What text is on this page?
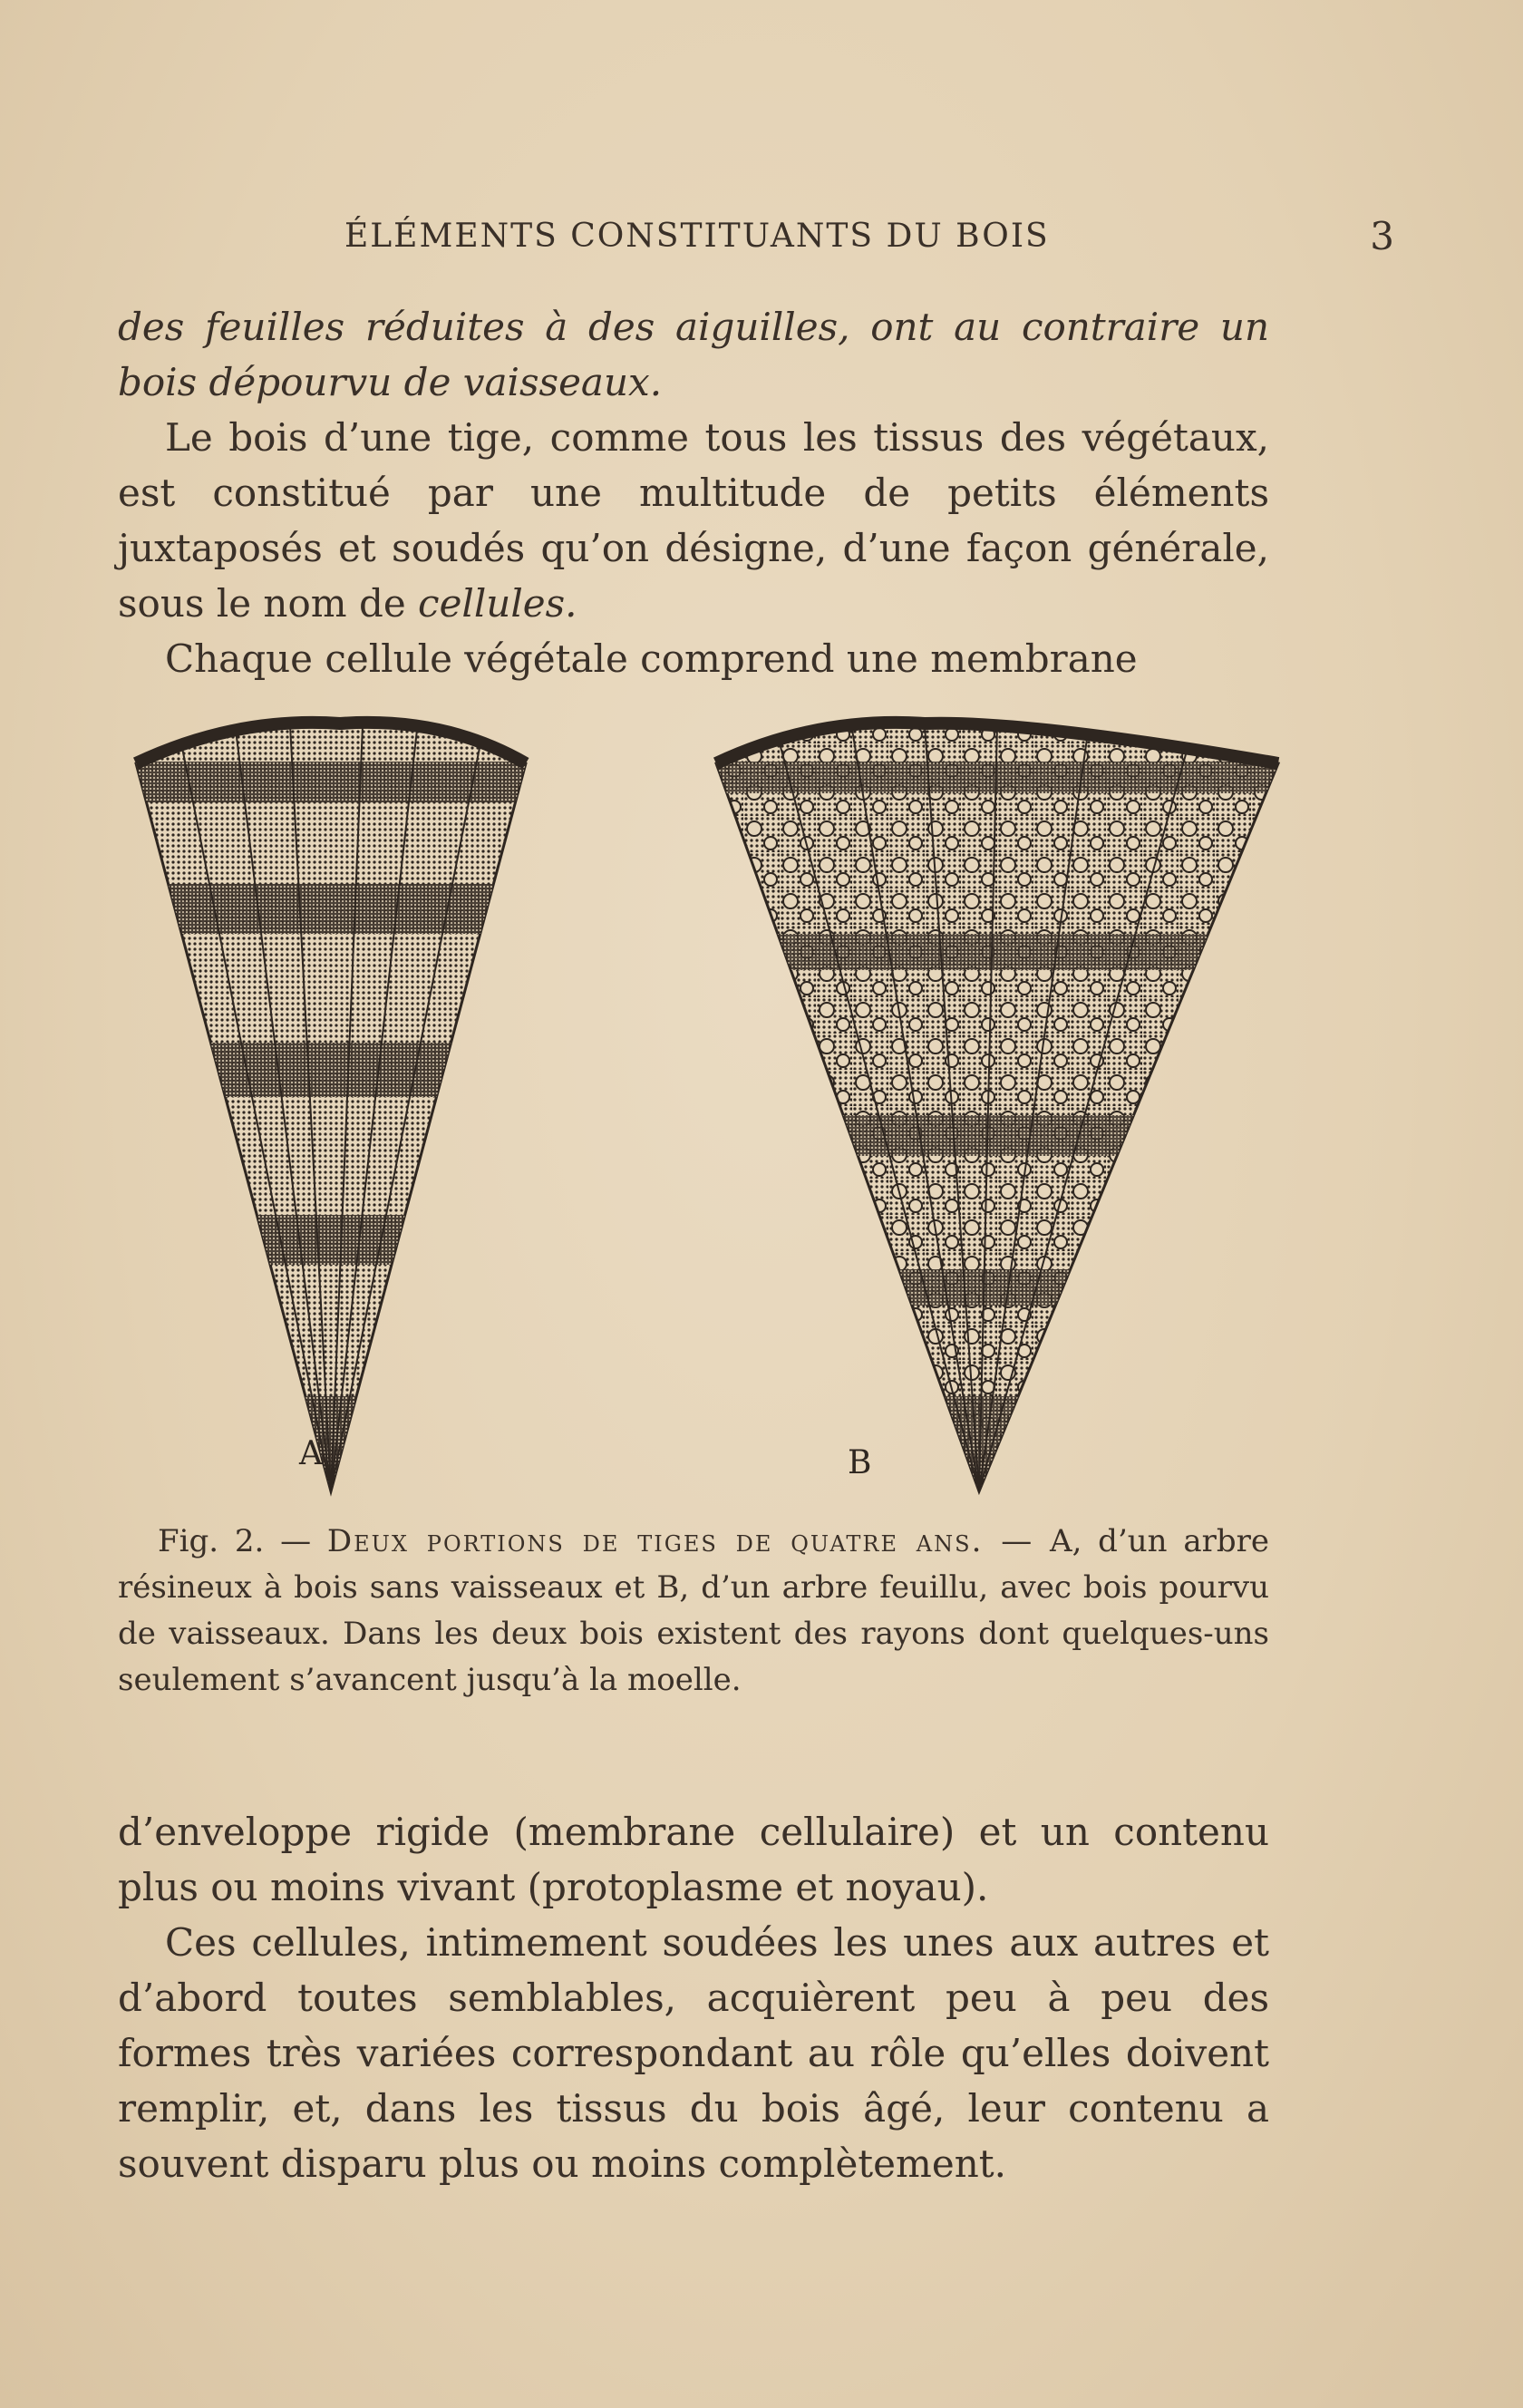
ÉLÉMENTS CONSTITUANTS DU BOIS	3

des feuilles réduites à des aiguilles, ont au contraire un bois dépourvu de vaisseaux.

Le bois d’une tige, comme tous les tissus des végétaux, est constitué par une multitude de petits éléments juxtaposés et soudés qu’on désigne, d’une façon générale, sous le nom de cellules.

Chaque cellule végétale comprend une membrane

A	B
Fig. 2. — Deux portions de tiges de quatre ans. — A, d’un arbre résineux à bois sans vaisseaux et B, d’un arbre feuillu, avec bois pourvu de vaisseaux. Dans les deux bois existent des rayons dont quelques-uns seulement s’avancent jusqu’à la moelle.

d’enveloppe rigide (membrane cellulaire) et un contenu plus ou moins vivant (protoplasme et noyau).

Ces cellules, intimement soudées les unes aux autres et d’abord toutes semblables, acquièrent peu à peu des formes très variées correspondant au rôle qu’elles doivent remplir, et, dans les tissus du bois âgé, leur contenu a souvent disparu plus ou moins complètement.
